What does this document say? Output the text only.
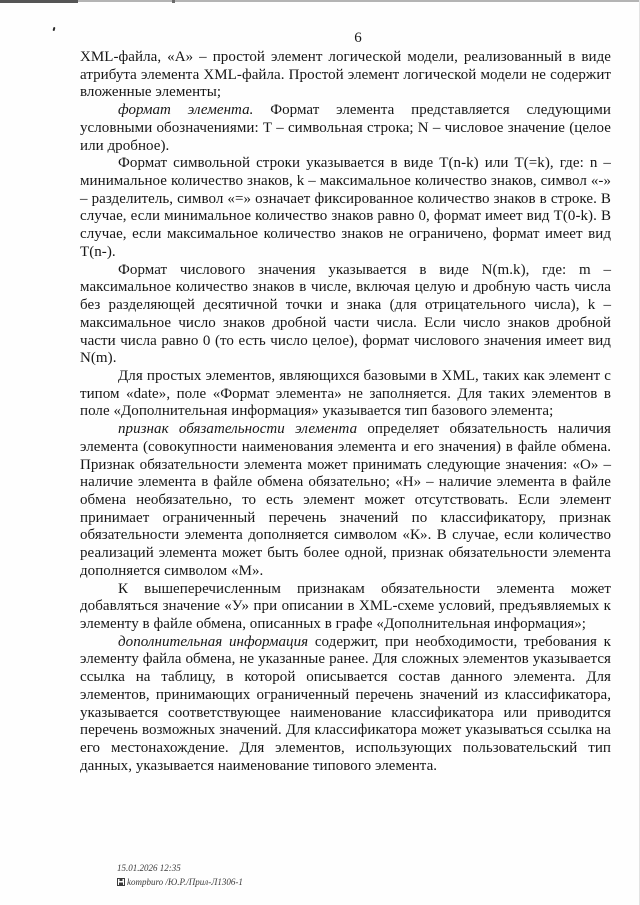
6

XML-файла, «А» – простой элемент логической модели, реализованный в виде атрибута элемента XML-файла. Простой элемент логической модели не содержит вложенные элементы;

формат элемента. Формат элемента представляется следующими условными обозначениями: Т – символьная строка; N – числовое значение (целое или дробное).

Формат символьной строки указывается в виде T(n-k) или T(=k), где: n – минимальное количество знаков, k – максимальное количество знаков, символ «-» – разделитель, символ «=» означает фиксированное количество знаков в строке. В случае, если минимальное количество знаков равно 0, формат имеет вид T(0-k). В случае, если максимальное количество знаков не ограничено, формат имеет вид T(n-).

Формат числового значения указывается в виде N(m.k), где: m – максимальное количество знаков в числе, включая целую и дробную часть числа без разделяющей десятичной точки и знака (для отрицательного числа), k – максимальное число знаков дробной части числа. Если число знаков дробной части числа равно 0 (то есть число целое), формат числового значения имеет вид N(m).

Для простых элементов, являющихся базовыми в XML, таких как элемент с типом «date», поле «Формат элемента» не заполняется. Для таких элементов в поле «Дополнительная информация» указывается тип базового элемента;

признак обязательности элемента определяет обязательность наличия элемента (совокупности наименования элемента и его значения) в файле обмена. Признак обязательности элемента может принимать следующие значения: «О» – наличие элемента в файле обмена обязательно; «Н» – наличие элемента в файле обмена необязательно, то есть элемент может отсутствовать. Если элемент принимает ограниченный перечень значений по классификатору, признак обязательности элемента дополняется символом «К». В случае, если количество реализаций элемента может быть более одной, признак обязательности элемента дополняется символом «М».

К вышеперечисленным признакам обязательности элемента может добавляться значение «У» при описании в XML-схеме условий, предъявляемых к элементу в файле обмена, описанных в графе «Дополнительная информация»;

дополнительная информация содержит, при необходимости, требования к элементу файла обмена, не указанные ранее. Для сложных элементов указывается ссылка на таблицу, в которой описывается состав данного элемента. Для элементов, принимающих ограниченный перечень значений из классификатора, указывается соответствующее наименование классификатора или приводится перечень возможных значений. Для классификатора может указываться ссылка на его местонахождение. Для элементов, использующих пользовательский тип данных, указывается наименование типового элемента.

15.01.2026 12:35
kompburo /Ю.Р./Прил-Л1306-1
